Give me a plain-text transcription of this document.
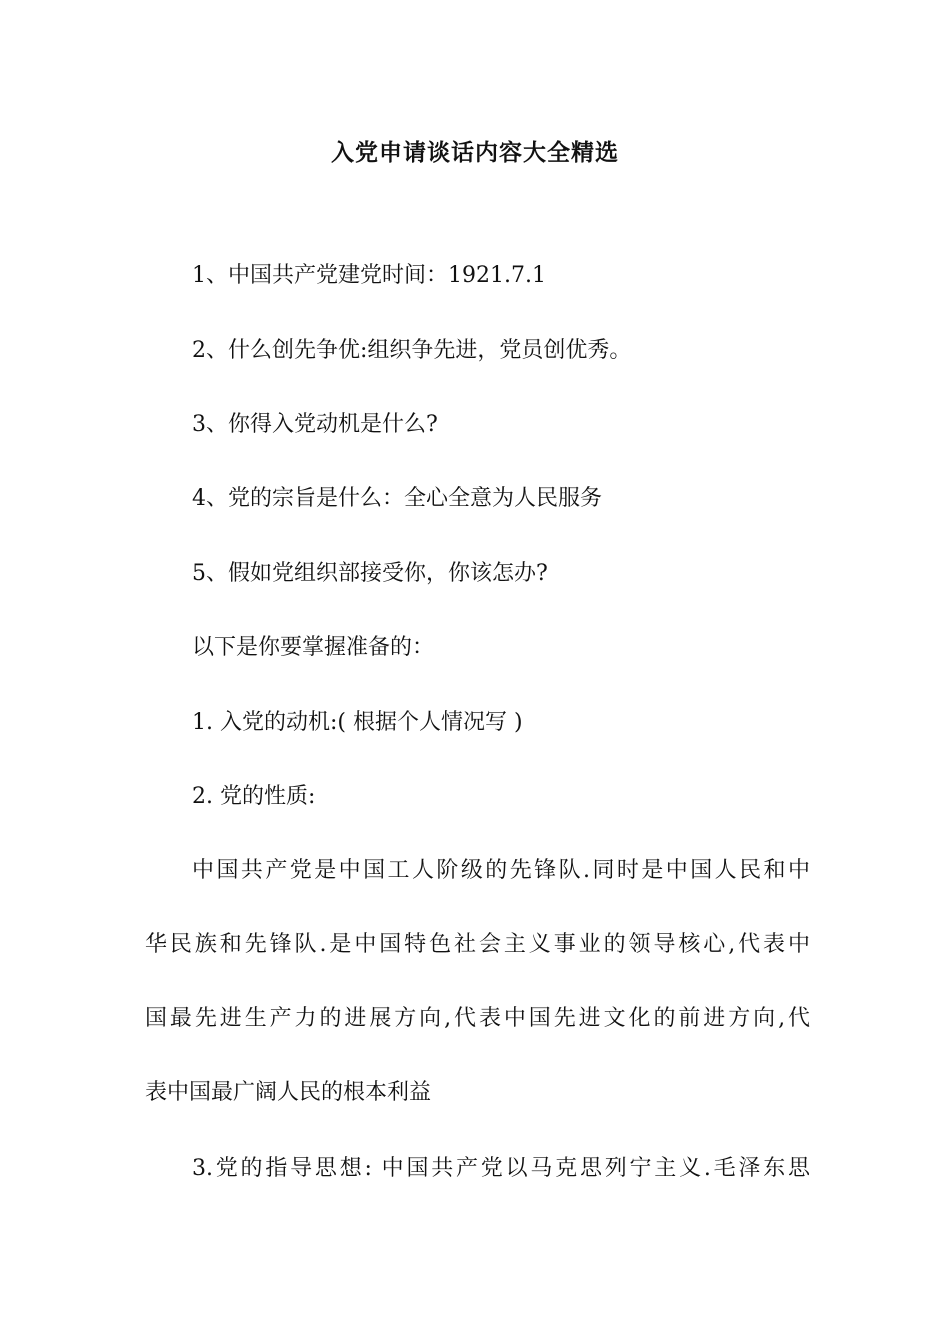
入党申请谈话内容大全精选

1、中国共产党建党时间：1921.7.1

2、什么创先争优:组织争先进，党员创优秀。

3、你得入党动机是什么?

4、党的宗旨是什么：全心全意为人民服务

5、假如党组织部接受你，你该怎办?

以下是你要掌握准备的：

1. 入党的动机:( 根据个人情况写 )

2. 党的性质:

中国共产党是中国工人阶级的先锋队.同时是中国人民和中
华民族和先锋队.是中国特色社会主义事业的领导核心,代表中
国最先进生产力的进展方向,代表中国先进文化的前进方向,代
表中国最广阔人民的根本利益
3.党的指导思想: 中国共产党以马克思列宁主义.毛泽东思
